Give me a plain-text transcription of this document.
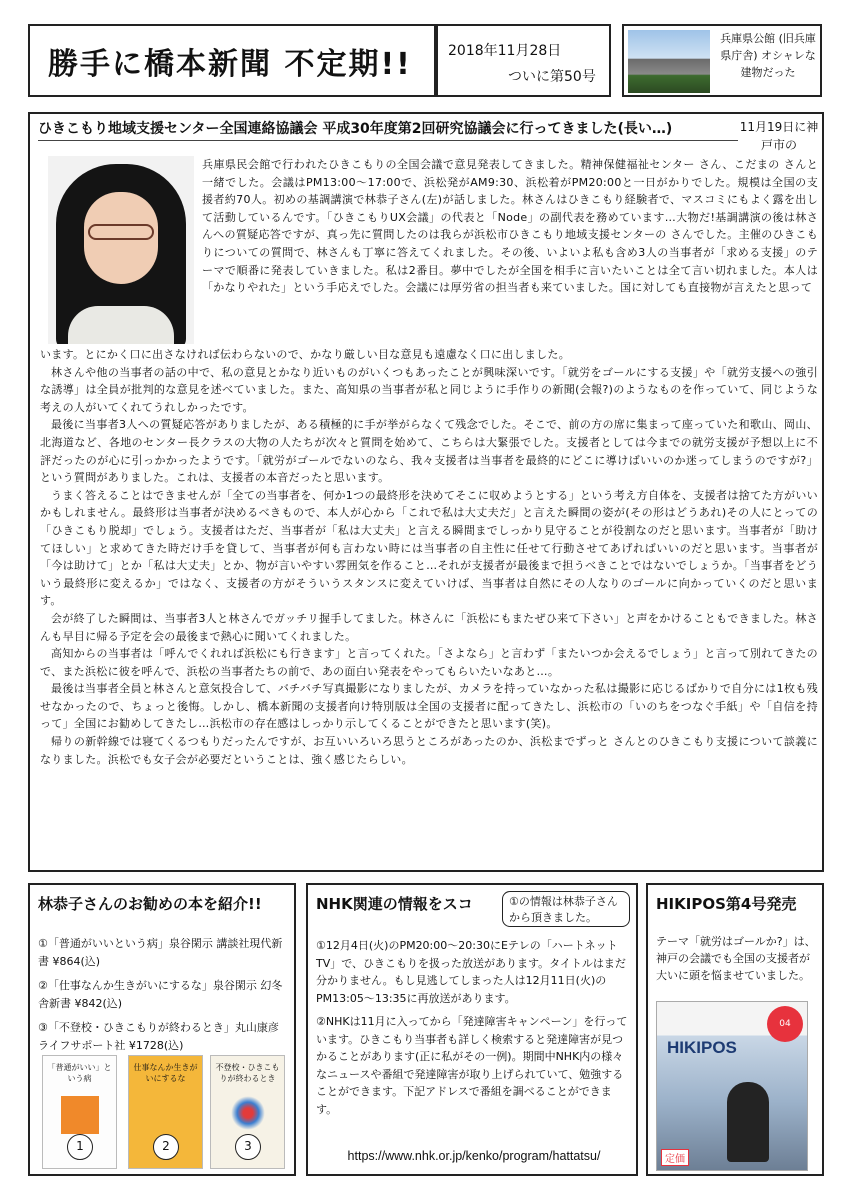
勝手に橋本新聞 不定期!!	2018年11月28日
ついに第50号
兵庫県公館 (旧兵庫県庁舎) オシャレな建物だった
ひきこもり地域支援センター全国連絡協議会 平成30年度第2回研究協議会に行ってきました(長い…)	11月19日に神戸市の
兵庫県民会館で行われたひきこもりの全国会議で意見発表してきました。精神保健福祉センター さん、こだまの さんと一緒でした。会議はPM13:00～17:00で、浜松発がAM9:30、浜松着がPM20:00と一日がかりでした。規模は全国の支援者約70人。初めの基調講演で林恭子さん(左)が話しました。林さんはひきこもり経験者で、マスコミにもよく露を出して活動しているんです。「ひきこもりUX会議」の代表と「Node」の副代表を務めています…大物だ!基調講演の後は林さんへの質疑応答ですが、真っ先に質問したのは我らが浜松市ひきこもり地域支援センターの さんでした。主催のひきこもりについての質問で、林さんも丁寧に答えてくれました。その後、いよいよ私も含め3人の当事者が「求める支援」のテーマで順番に発表していきました。私は2番目。夢中でしたが全国を相手に言いたいことは全て言い切れました。本人は「かなりやれた」という手応えでした。会議には厚労省の担当者も来ていました。国に対しても直接物が言えたと思って

います。とにかく口に出さなければ伝わらないので、かなり厳しい目な意見も遠慮なく口に出しました。

林さんや他の当事者の話の中で、私の意見とかなり近いものがいくつもあったことが興味深いです。「就労をゴールにする支援」や「就労支援への強引な誘導」は全員が批判的な意見を述べていました。また、高知県の当事者が私と同じように手作りの新聞(会報?)のようなものを作っていて、同じような考えの人がいてくれてうれしかったです。

最後に当事者3人への質疑応答がありましたが、ある積極的に手が挙がらなくて残念でした。そこで、前の方の席に集まって座っていた和歌山、岡山、北海道など、各地のセンター長クラスの大物の人たちが次々と質問を始めて、こちらは大緊張でした。支援者としては今までの就労支援が予想以上に不評だったのが心に引っかかったようです。「就労がゴールでないのなら、我々支援者は当事者を最終的にどこに導けばいいのか迷ってしまうのですが?」という質問がありました。これは、支援者の本音だったと思います。

うまく答えることはできませんが「全ての当事者を、何か1つの最終形を決めてそこに収めようとする」という考え方自体を、支援者は捨てた方がいいかもしれません。最終形は当事者が決めるべきもので、本人が心から「これで私は大丈夫だ」と言えた瞬間の姿が(その形はどうあれ)その人にとっての「ひきこもり脱却」でしょう。支援者はただ、当事者が「私は大丈夫」と言える瞬間までしっかり見守ることが役割なのだと思います。当事者が「助けてほしい」と求めてきた時だけ手を貸して、当事者が何も言わない時には当事者の自主性に任せて行動させてあげればいいのだと思います。当事者が「今は助けて」とか「私は大丈夫」とか、物が言いやすい雰囲気を作ること…それが支援者が最後まで担うべきことではないでしょうか。「当事者をどういう最終形に変えるか」ではなく、支援者の方がそういうスタンスに変えていけば、当事者は自然にその人なりのゴールに向かっていくのだと思います。

会が終了した瞬間は、当事者3人と林さんでガッチリ握手してました。林さんに「浜松にもまたぜひ来て下さい」と声をかけることもできました。林さんも早目に帰る予定を会の最後まで熱心に聞いてくれました。

高知からの当事者は「呼んでくれれば浜松にも行きます」と言ってくれた。「さよなら」と言わず「またいつか会えるでしょう」と言って別れてきたので、また浜松に彼を呼んで、浜松の当事者たちの前で、あの面白い発表をやってもらいたいなあと…。

最後は当事者全員と林さんと意気投合して、バチバチ写真撮影になりましたが、カメラを持っていなかった私は撮影に応じるばかりで自分には1枚も残せなかったので、ちょっと後悔。しかし、橋本新聞の支援者向け特別版は全国の支援者に配ってきたし、浜松市の「いのちをつなぐ手紙」や「自信を持って」全国にお勧めしてきたし…浜松市の存在感はしっかり示してくることができたと思います(笑)。

帰りの新幹線では寝てくるつもりだったんですが、お互いいろいろ思うところがあったのか、浜松までずっと さんとのひきこもり支援について談義になりました。浜松でも女子会が必要だということは、強く感じたらしい。

林恭子さんのお勧めの本を紹介!!
①「普通がいいという病」泉谷閑示 講談社現代新書 ¥864(込)
②「仕事なんか生きがいにするな」泉谷閑示 幻冬舎新書 ¥842(込)
③「不登校・ひきこもりが終わるとき」丸山康彦 ライフサポート社 ¥1728(込)
「普通がいい」という病
1
仕事なんか生きがいにするな
2
不登校・ひきこもりが終わるとき
3
NHK関連の情報をスコ	①の情報は林恭子さんから頂きました。
①12月4日(火)のPM20:00～20:30にEテレの「ハートネットTV」で、ひきこもりを扱った放送があります。タイトルはまだ分かりません。もし見逃してしまった人は12月11日(火)のPM13:05～13:35に再放送があります。
②NHKは11月に入ってから「発達障害キャンペーン」を行っています。ひきこもり当事者も詳しく検索すると発達障害が見つかることがあります(正に私がその一例)。期間中NHK内の様々なニュースや番組で発達障害が取り上げられていて、勉強することができます。下記アドレスで番組を調べることができます。
https://www.nhk.or.jp/kenko/program/hattatsu/
HIKIPOS第4号発売
テーマ「就労はゴールか?」は、神戸の会議でも全国の支援者が大いに頭を悩ませていました。
04
HIKIPOS
定価
